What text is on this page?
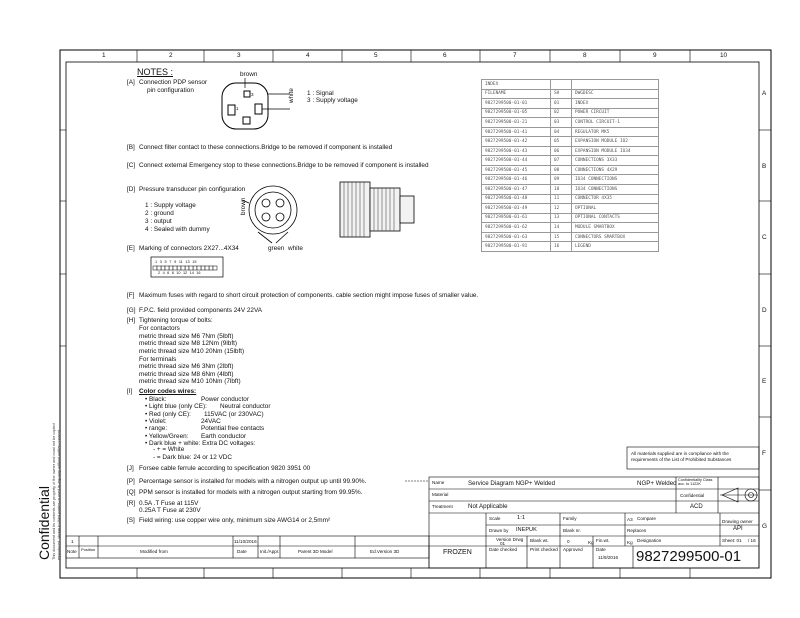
1	2	3	4	5	6	7	8	9	10
A
B
C
D
E
F
G
NOTES :
[A] Connection PDP sensor
pin configuration
brown
white 1 : Signal
3 : Supply voltage
1
3
[B] Connect filter contact to these connections.Bridge to be removed if component is installed
[C] Connect external Emergency stop to these connections.Bridge to be removed if component is installed
[D] Pressure transducer pin configuration
1 : Supply voltage
2 : ground
3 : output
4 : Sealed with dummy
brown
green white
[E] Marking of connectors 2X27...4X34
1 3 5 7 9 11 13 15
2 4 6 8 10 12 14 16
[F] Maximum fuses with regard to short circuit protection of components. cable section might impose fuses of smaller value.
[G] F.P.C. field provided components 24V 22VA
[H] Tightening torque of bolts:
For contactors
metric thread size M6 7Nm (5lbft)
metric thread size M8 12Nm (9lbft)
metric thread size M10 20Nm (15lbft)
For terminals
metric thread size M6 3Nm (2lbft)
metric thread size M8 6Nm (4lbft)
metric thread size M10 10Nm (7lbft)
[I] Color codes wires:
• Black:	Power conductor
• Light blue (only CE): Neutral conductor
• Red (only CE): 115VAC (or 230VAC)
• Violet:	24VAC
• range:	Potential free contacts
• Yellow/Green: Earth conductor
• Dark blue + white: Extra DC voltages:
- + = White
- = Dark blue: 24 or 12 VDC
[J] Forsee cable ferrule according to specification 9820 3951 00
[P] Percentage sensor is installed for models with a nitrogen output up until 99.90%.
[Q] PPM sensor is installed for models with a nitrogen output starting from 99.95%.
[R] 0.5A .T Fuse at 115V
0.25A T Fuse at 230V
[S] Field wiring: use copper wire only, minimum size AWG14 or 2,5mm²
INDEX		
FILENAME	SH	DWGDESC
9827299500-01-01	01	INDEX
9827299500-01-05	02	POWER CIRCUIT
9827299500-01-21	03	CONTROL CIRCUIT-1
9827299500-01-41	04	REGULATOR MK5
9827299500-01-42	05	EXPANSION MODULE IO2
9827299500-01-43	06	EXPANSION MODULE IO34
9827299500-01-44	07	CONNECTIONS 3X33
9827299500-01-45	08	CONNECTIONS 4X29
9827299500-01-46	09	IO34 CONNECTIONS
9827299500-01-47	10	IO34 CONNECTIONS
9827299500-01-48	11	CONNECTOR 4X35
9827299500-01-49	12	OPTIONAL
9827299500-01-61	13	OPTIONAL CONTACTS
9827299500-01-62	14	MODULE SMARTBOX
9827299500-01-63	15	CONNECTORS SMARTBOX
9827299500-01-91	16	LEGEND
All materials supplied are in compliance with the requirements of the List of Prohibited Substances
Name	Service Diagram NGP+ Welded	NGP+ Welded Confidentiality Class acc. to 1122K
Material	Confidential
Treatment Not Applicable	ACD
Scale	1:1	Family	A3 Compare
Drawing owner
Drawn by INEPUK	Blank nr.	Replaces	API
Version Drwg
01
Blank wt.	0	Kg Fin.wt.	Kg Designation	Sheet: 01 / 16
FROZEN	Date checked	Print checked Approved	Date
11/9/2016 9827299500-01
1	11/10/2016
Note Position	Modified from	Date	Init./Appr.	Parent 3D Model	Ed.Version 3D
Confidential This document and its contents are property of the owner and must not be copied reproduced, shown to third parties or used in any way without written consent
